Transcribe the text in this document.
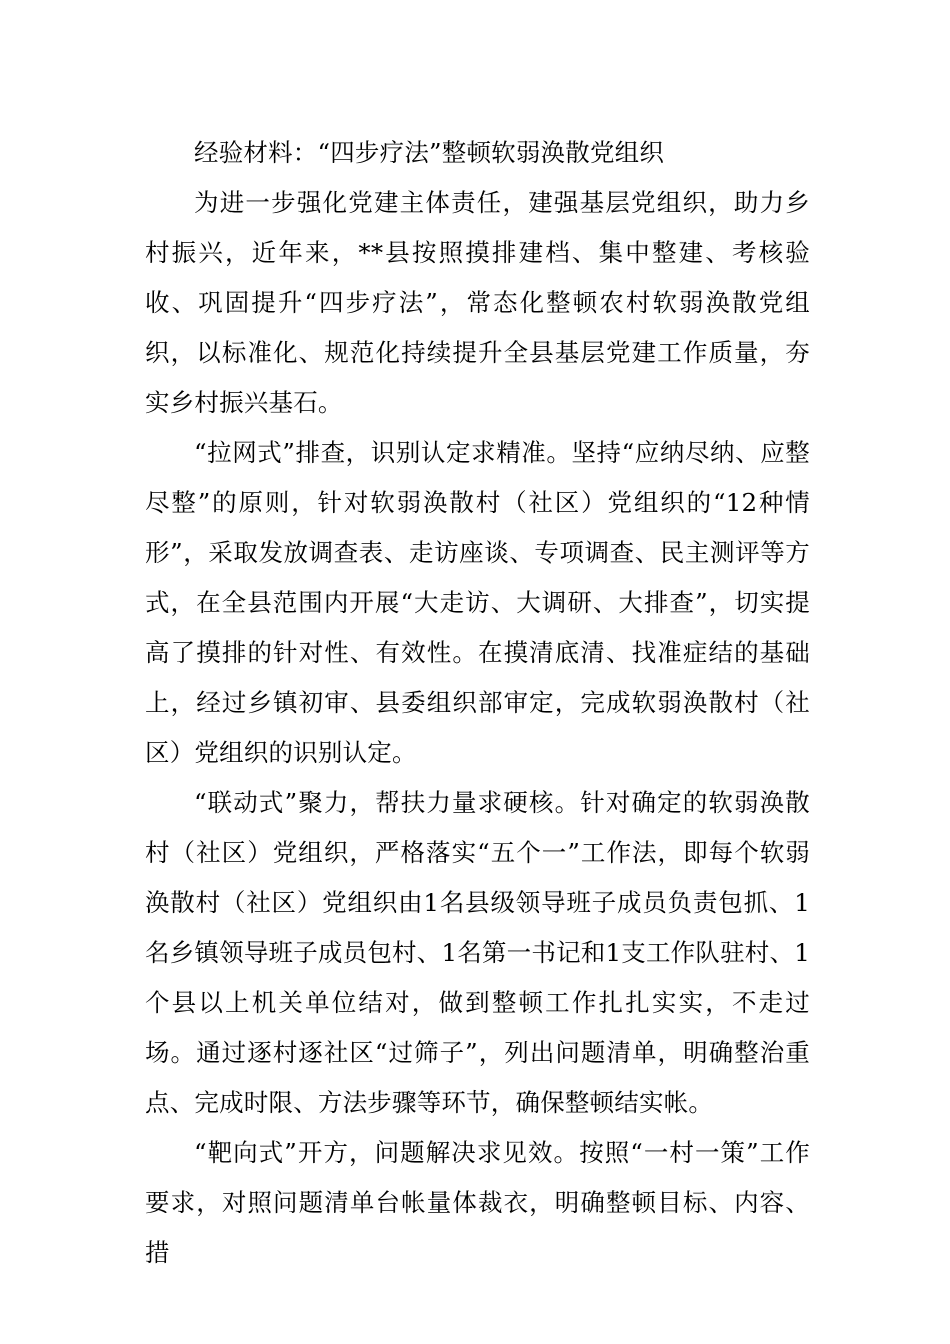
经验材料：“四步疗法”整顿软弱涣散党组织

为进一步强化党建主体责任，建强基层党组织，助力乡村振兴，近年来，**县按照摸排建档、集中整建、考核验收、巩固提升“四步疗法”，常态化整顿农村软弱涣散党组织，以标准化、规范化持续提升全县基层党建工作质量，夯实乡村振兴基石。

“拉网式”排查，识别认定求精准。坚持“应纳尽纳、应整尽整”的原则，针对软弱涣散村（社区）党组织的“12种情形”，采取发放调查表、走访座谈、专项调查、民主测评等方式，在全县范围内开展“大走访、大调研、大排查”，切实提高了摸排的针对性、有效性。在摸清底清、找准症结的基础上，经过乡镇初审、县委组织部审定，完成软弱涣散村（社区）党组织的识别认定。

“联动式”聚力，帮扶力量求硬核。针对确定的软弱涣散村（社区）党组织，严格落实“五个一”工作法，即每个软弱涣散村（社区）党组织由1名县级领导班子成员负责包抓、1名乡镇领导班子成员包村、1名第一书记和1支工作队驻村、1个县以上机关单位结对，做到整顿工作扎扎实实，不走过场。通过逐村逐社区“过筛子”，列出问题清单，明确整治重点、完成时限、方法步骤等环节，确保整顿结实帐。

“靶向式”开方，问题解决求见效。按照“一村一策”工作要求，对照问题清单台帐量体裁衣，明确整顿目标、内容、措
